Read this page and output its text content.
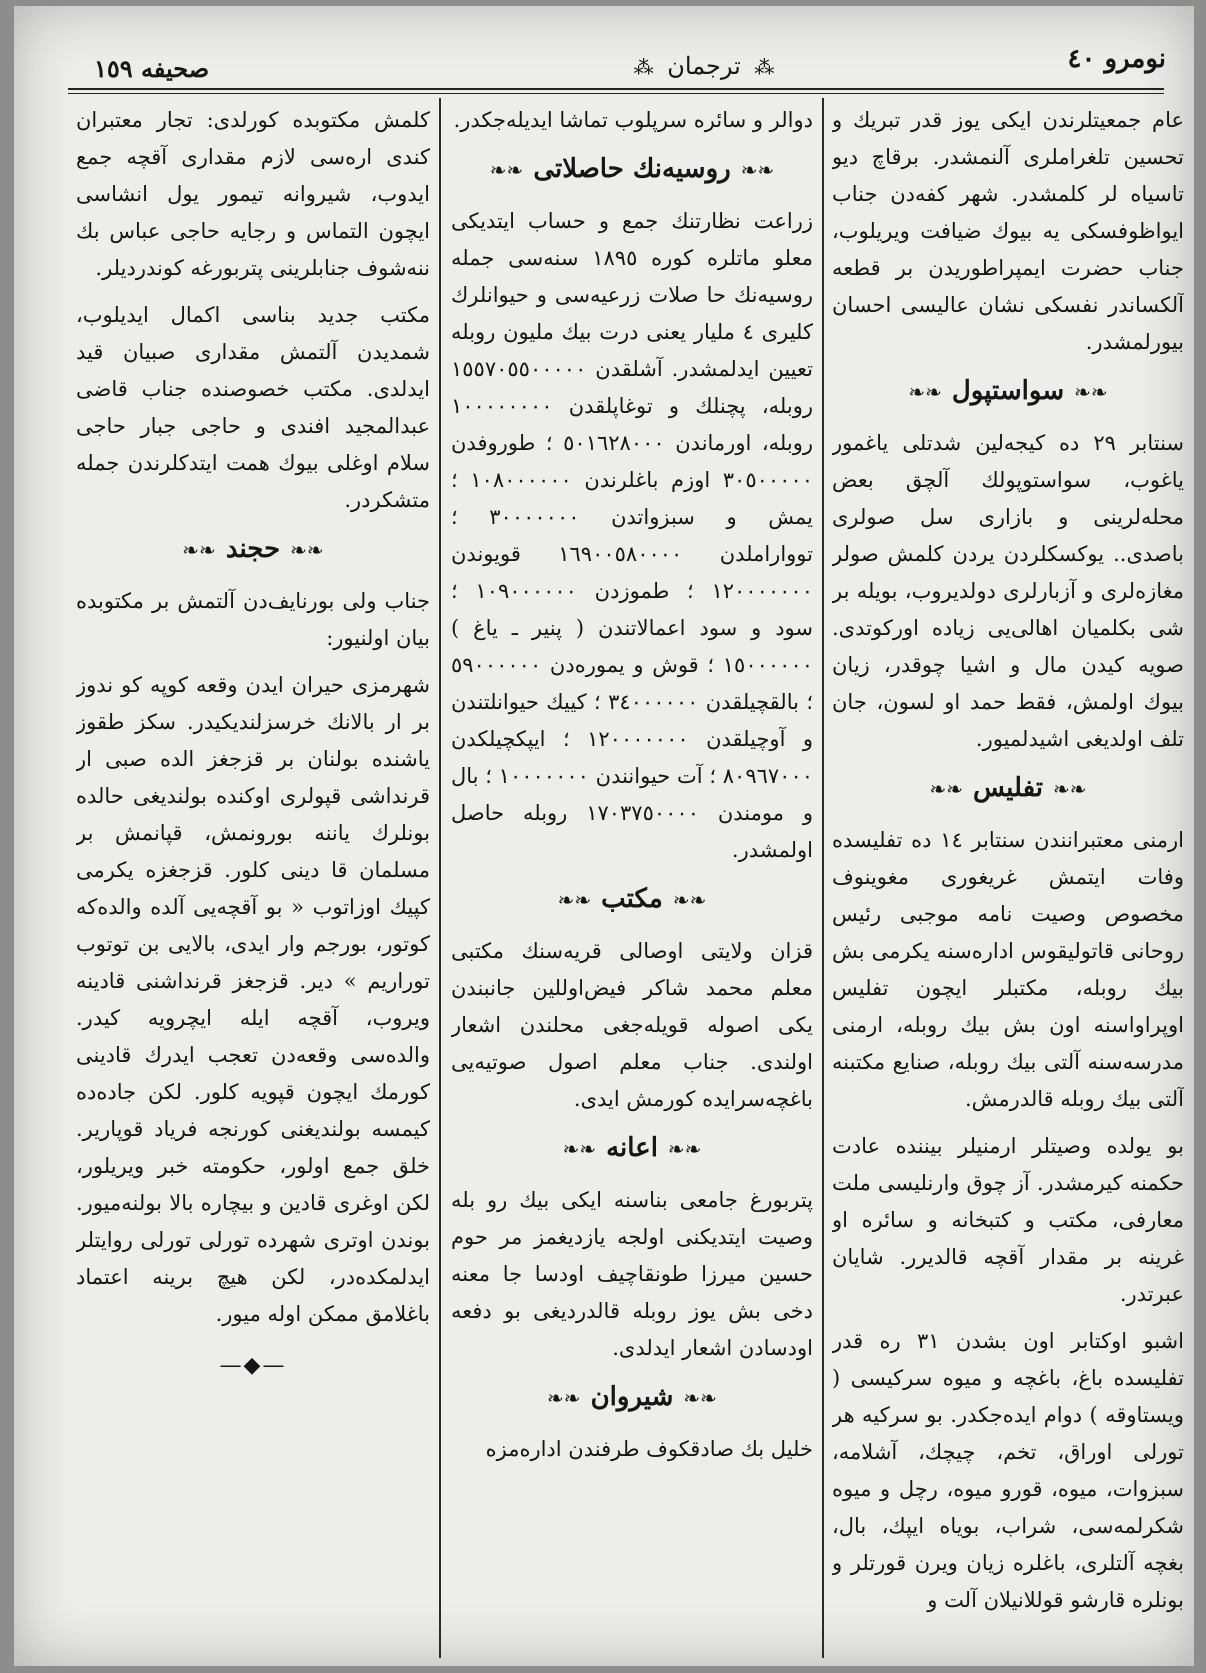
نومرو ٤٠
⁂ ترجمان ⁂
صحیفه ١٥٩

عام جمعیتلرندن ایکی یوز قدر تبریك و تحسین تلغراملری آلنمشدر. برقاچ دیو تاسیاه لر کلمشدر. شهر کفه‌دن جناب ایواظوفسکی یه بیوك ضیافت ویریلوب، جناب حضرت ایمپراطوریدن بر قطعه آلکساندر نفسکی نشان عالیسی احسان بیورلمشدر.

❧❧سواستپول❧❧

سنتابر ٢٩ ده کیجه‌لین شدتلی یاغمور یاغوب، سواستوپولك آلچق بعض محله‌لرینی و بازاری سل صولری باصدی.. یوکسکلردن یردن کلمش صولر مغازه‌لری و آزبارلری دولدیروب، بویله بر شی بکلمیان اهالی‌یی زیاده اورکوتدی. صویه کیدن مال و اشیا چوقدر، زیان بیوك اولمش، فقط حمد او لسون، جان تلف اولدیغی اشیدلمیور.

❧❧تفلیس❧❧

ارمنی معتبرانندن سنتابر ١٤ ده تفلیسده وفات ایتمش غریغوری مغوینوف مخصوص وصیت نامه موجبی رئیس روحانی قاتولیقوس اداره‌سنه یکرمی بش بیك روبله، مکتبلر ایچون تفلیس اوپراواسنه اون بش بیك روبله، ارمنی مدرسه‌سنه آلتی بیك روبله، صنایع مکتبنه آلتی بیك روبله قالدرمش.

بو یولده وصیتلر ارمنیلر بیننده عادت حکمنه کیرمشدر. آز چوق وارنلیسی ملت معارفی، مکتب و کتبخانه و سائره او غرینه بر مقدار آقچه قالدیرر. شایان عبرتدر.

اشبو اوکتابر اون بشدن ٣١ ره قدر تفلیسده باغ، باغچه و میوه سرکیسی ( ویستاوقه ) دوام ایده‌جکدر. بو سرکیه هر تورلی اوراق، تخم، چیچك، آشلامه، سبزوات، میوه، قورو میوه، رچل و میوه شکرلمه‌سی، شراب، بویاه ایپك، بال، بغچه آلتلری، باغلره زیان ویرن قورتلر و بونلره قارشو قوللانیلان آلت و

دوالر و سائره سرپلوب تماشا ایدیله‌جکدر.

❧❧روسیه‌نك حاصلاتی❧❧

زراعت نظارتنك جمع و حساب ایتدیکی معلو ماتلره کوره ١٨٩٥ سنه‌سی جمله روسیه‌نك حا صلات زرعیه‌سی و حیوانلرك کلیری ٤ ملیار یعنی درت بیك ملیون روبله تعیین ایدلمشدر. آشلقدن ١٥٥٧٠٥٥٠٠٠٠٠ روبله، پچنلك و توغاپلقدن ١٠٠٠٠٠٠٠٠ روبله، اورماندن ٥٠١٦٢٨٠٠٠ ؛ طوروفدن ٣٠٥٠٠٠٠٠ اوزم باغلرندن ١٠٨٠٠٠٠٠٠ ؛ یمش و سبزواتدن ٣٠٠٠٠٠٠٠ ؛ توواراملدن ١٦٩٠٠٥٨٠٠٠٠ قویوندن ١٢٠٠٠٠٠٠٠ ؛ طموزدن ١٠٩٠٠٠٠٠٠ ؛ سود و سود اعمالاتندن ( پنیر ـ یاغ ) ١٥٠٠٠٠٠٠ ؛ قوش و یموره‌دن ٥٩٠٠٠٠٠٠ ؛ بالقچیلقدن ٣٤٠٠٠٠٠٠ ؛ کییك حیوانلتندن و آوچیلقدن ١٢٠٠٠٠٠٠٠ ؛ ایپکچیلکدن ٨٠٩٦٧٠٠٠ ؛ آت حیوانندن ١٠٠٠٠٠٠٠ ؛ بال و مومندن ١٧٠٣٧٥٠٠٠٠ روبله حاصل اولمشدر.

❧❧مکتب❧❧

قزان ولایتی اوصالی قریه‌سنك مکتبی معلم محمد شاکر فیض‌اوللین جانبندن یکی اصوله قویله‌جغی محلندن اشعار اولندی. جناب معلم اصول صوتیه‌یی باغچه‌سرایده کورمش ایدی.

❧❧اعانه❧❧

پتربورغ جامعی بناسنه ایکی بیك رو بله وصیت ایتدیکنی اولجه یازدیغمز مر حوم حسین میرزا طونقاچیف اودسا جا معنه دخی بش یوز روبله قالدردیغی بو دفعه اودسادن اشعار ایدلدی.

❧❧شیروان❧❧

خلیل بك صادقکوف طرفندن اداره‌مزه

کلمش مکتوبده کورلدی: تجار معتبران کندی اره‌سی لازم مقداری آقچه جمع ایدوب، شیروانه تیمور یول انشاسی ایچون التماس و رجایه حاجی عباس بك ننه‌شوف جنابلرینی پتربورغه کوندردیلر.

مکتب جدید بناسی اکمال ایدیلوب، شمدیدن آلتمش مقداری صبیان قید ایدلدی. مکتب خصوصنده جناب قاضی عبدالمجید افندی و حاجی جبار حاجی سلام اوغلی بیوك همت ایتدکلرندن جمله متشکردر.

❧❧حجند❧❧

جناب ولی بورنایف‌دن آلتمش بر مکتوبده بیان اولنیور:

شهرمزی حیران ایدن وقعه کوپه کو ندوز بر ار بالانك خرسزلندیکیدر. سکز طقوز یاشنده بولنان بر قزجغز الده صبی ار قرنداشی قپولری اوکنده بولندیغی حالده بونلرك یاننه بورونمش، قپانمش بر مسلمان قا دینی کلور. قزجغزه یکرمی کپیك اوزاتوب « بو آقچه‌یی آلده والده‌که کوتور، بورجم وار ایدی، بالایی بن توتوب توراریم » دیر. قزجغز قرنداشنی قادینه ویروب، آقچه ایله ایچرویه کیدر. والده‌سی وقعه‌دن تعجب ایدرك قادینی کورمك ایچون قپویه کلور. لکن جاده‌ده کیمسه بولندیغنی کورنجه فریاد قوپاریر. خلق جمع اولور، حکومته خبر ویریلور، لکن اوغری قادین و بیچاره بالا بولنه‌میور. بوندن اوتری شهرده تورلی تورلی روایتلر ایدلمکده‌در، لکن هیچ برینه اعتماد باغلامق ممکن اوله میور.

—◆—
